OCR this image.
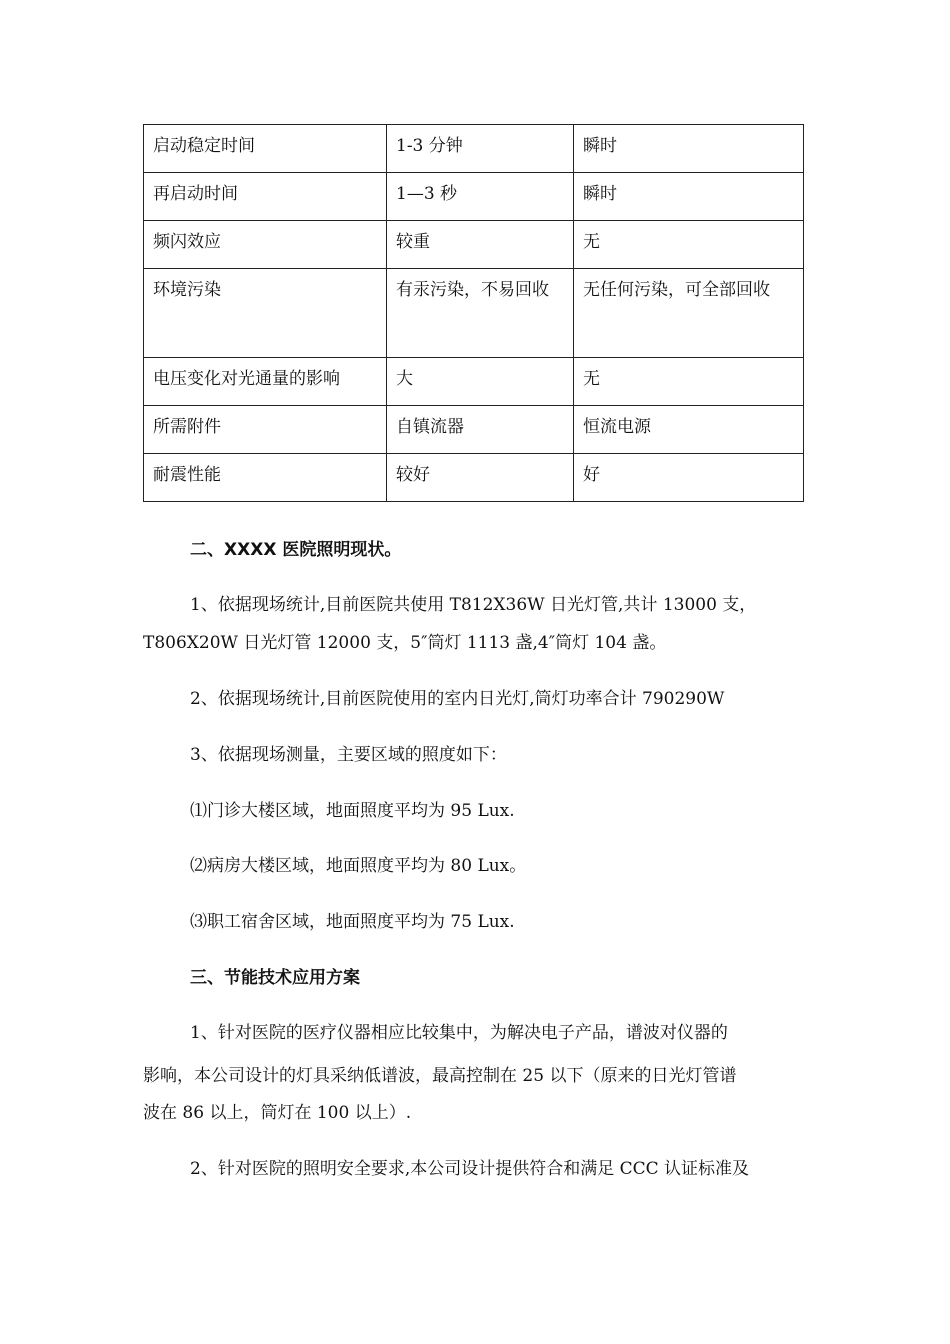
启动稳定时间	1-3 分钟	瞬时
再启动时间	1—3 秒	瞬时
频闪效应	较重	无
环境污染	有汞污染，不易回收	无任何污染，可全部回收
电压变化对光通量的影响	大	无
所需附件	自镇流器	恒流电源
耐震性能	较好	好
二、XXXX 医院照明现状。
1、依据现场统计,目前医院共使用 T812X36W 日光灯管,共计 13000 支，
T806X20W 日光灯管 12000 支，5″筒灯 1113 盏,4″筒灯 104 盏。
2、依据现场统计,目前医院使用的室内日光灯,筒灯功率合计 790290W
3、依据现场测量，主要区域的照度如下：
⑴门诊大楼区域，地面照度平均为 95 Lux.
⑵病房大楼区域，地面照度平均为 80 Lux。
⑶职工宿舍区域，地面照度平均为 75 Lux.
三、节能技术应用方案
1、针对医院的医疗仪器相应比较集中，为解决电子产品，谱波对仪器的
影响，本公司设计的灯具采纳低谱波，最高控制在 25 以下（原来的日光灯管谱
波在 86 以上，筒灯在 100 以上）.
2、针对医院的照明安全要求,本公司设计提供符合和满足 CCC 认证标准及
